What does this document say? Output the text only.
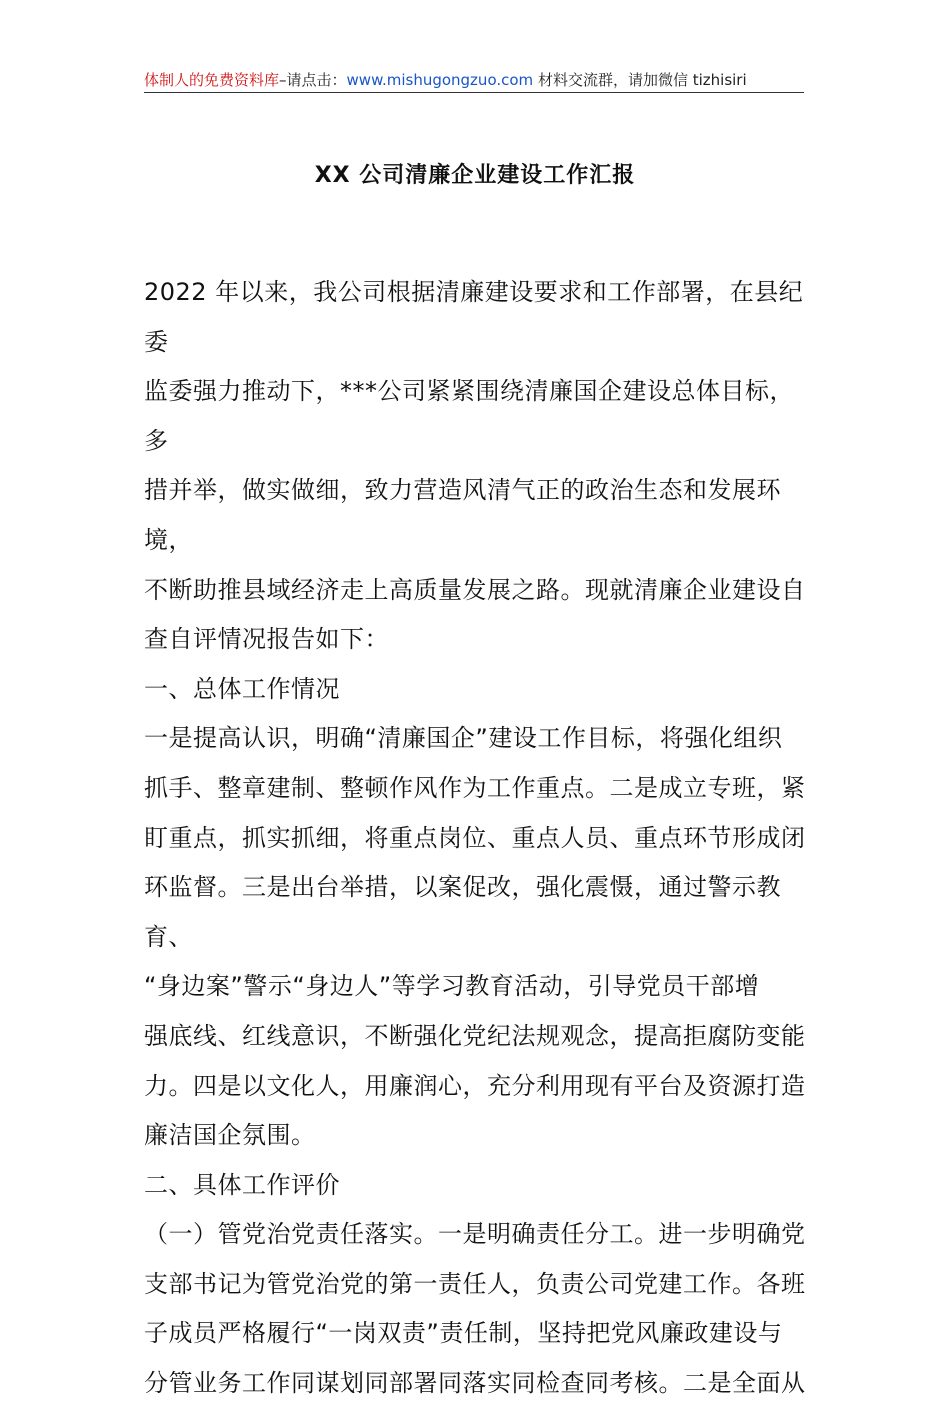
体制人的免费资料库–请点击：www.mishugongzuo.com 材料交流群，请加微信 tizhisiri
XX 公司清廉企业建设工作汇报

2022 年以来，我公司根据清廉建设要求和工作部署，在县纪委

监委强力推动下，***公司紧紧围绕清廉国企建设总体目标，多

措并举，做实做细，致力营造风清气正的政治生态和发展环境，

不断助推县域经济走上高质量发展之路。现就清廉企业建设自

查自评情况报告如下：

一、总体工作情况

一是提高认识，明确“清廉国企”建设工作目标，将强化组织

抓手、整章建制、整顿作风作为工作重点。二是成立专班，紧

盯重点，抓实抓细，将重点岗位、重点人员、重点环节形成闭

环监督。三是出台举措，以案促改，强化震慑，通过警示教育、

“身边案”警示“身边人”等学习教育活动，引导党员干部增

强底线、红线意识，不断强化党纪法规观念，提高拒腐防变能

力。四是以文化人，用廉润心，充分利用现有平台及资源打造

廉洁国企氛围。

二、具体工作评价

（一）管党治党责任落实。一是明确责任分工。进一步明确党

支部书记为管党治党的第一责任人，负责公司党建工作。各班

子成员严格履行“一岗双责”责任制，坚持把党风廉政建设与

分管业务工作同谋划同部署同落实同检查同考核。二是全面从
